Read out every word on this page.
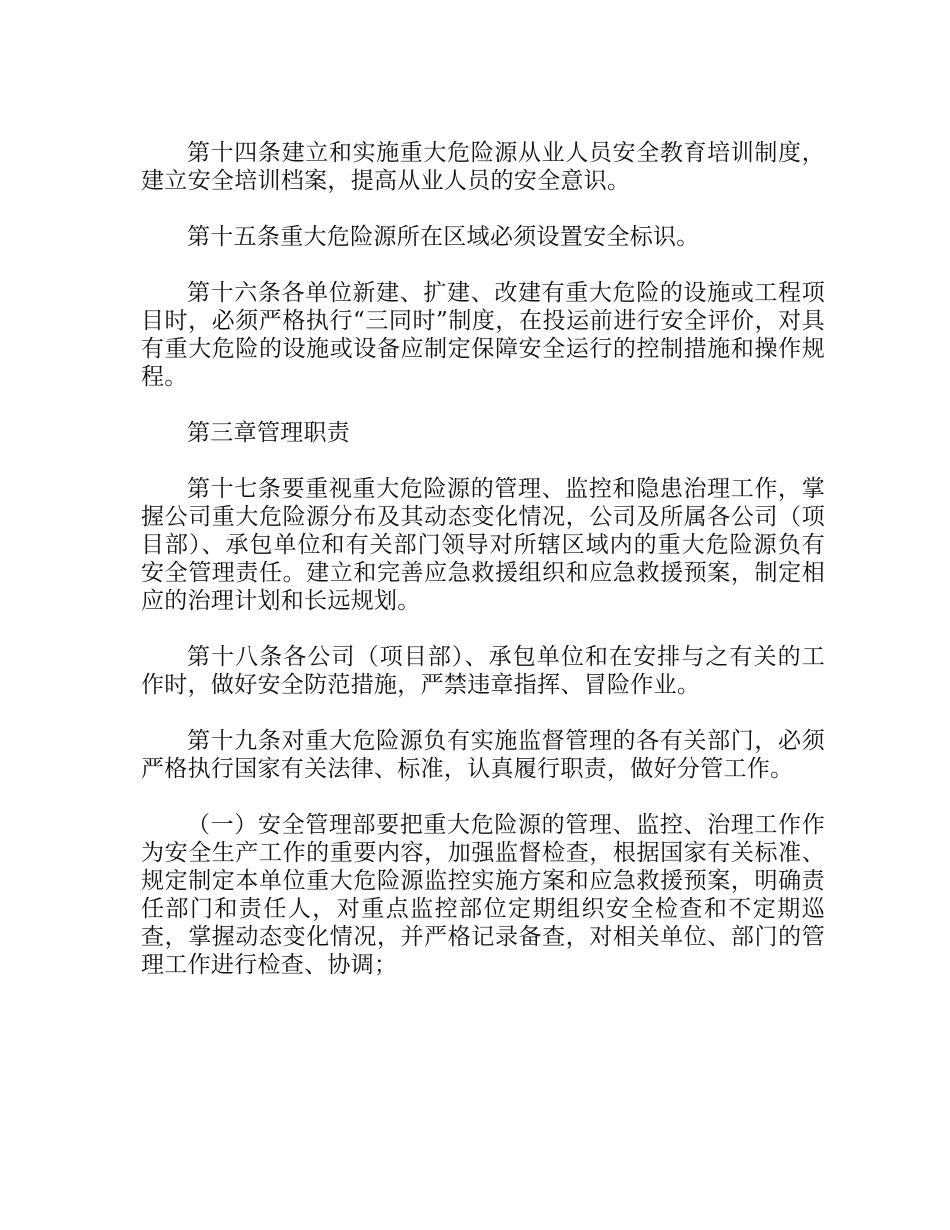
第十四条建立和实施重大危险源从业人员安全教育培训制度，建立安全培训档案，提高从业人员的安全意识。

第十五条重大危险源所在区域必须设置安全标识。

第十六条各单位新建、扩建、改建有重大危险的设施或工程项目时，必须严格执行“三同时”制度，在投运前进行安全评价，对具有重大危险的设施或设备应制定保障安全运行的控制措施和操作规程。

第三章管理职责

第十七条要重视重大危险源的管理、监控和隐患治理工作，掌握公司重大危险源分布及其动态变化情况，公司及所属各公司（项目部）、承包单位和有关部门领导对所辖区域内的重大危险源负有安全管理责任。建立和完善应急救援组织和应急救援预案，制定相应的治理计划和长远规划。

第十八条各公司（项目部）、承包单位和在安排与之有关的工作时，做好安全防范措施，严禁违章指挥、冒险作业。

第十九条对重大危险源负有实施监督管理的各有关部门，必须严格执行国家有关法律、标准，认真履行职责，做好分管工作。

（一）安全管理部要把重大危险源的管理、监控、治理工作作为安全生产工作的重要内容，加强监督检查，根据国家有关标准、规定制定本单位重大危险源监控实施方案和应急救援预案，明确责任部门和责任人，对重点监控部位定期组织安全检查和不定期巡查，掌握动态变化情况，并严格记录备查，对相关单位、部门的管理工作进行检查、协调；
